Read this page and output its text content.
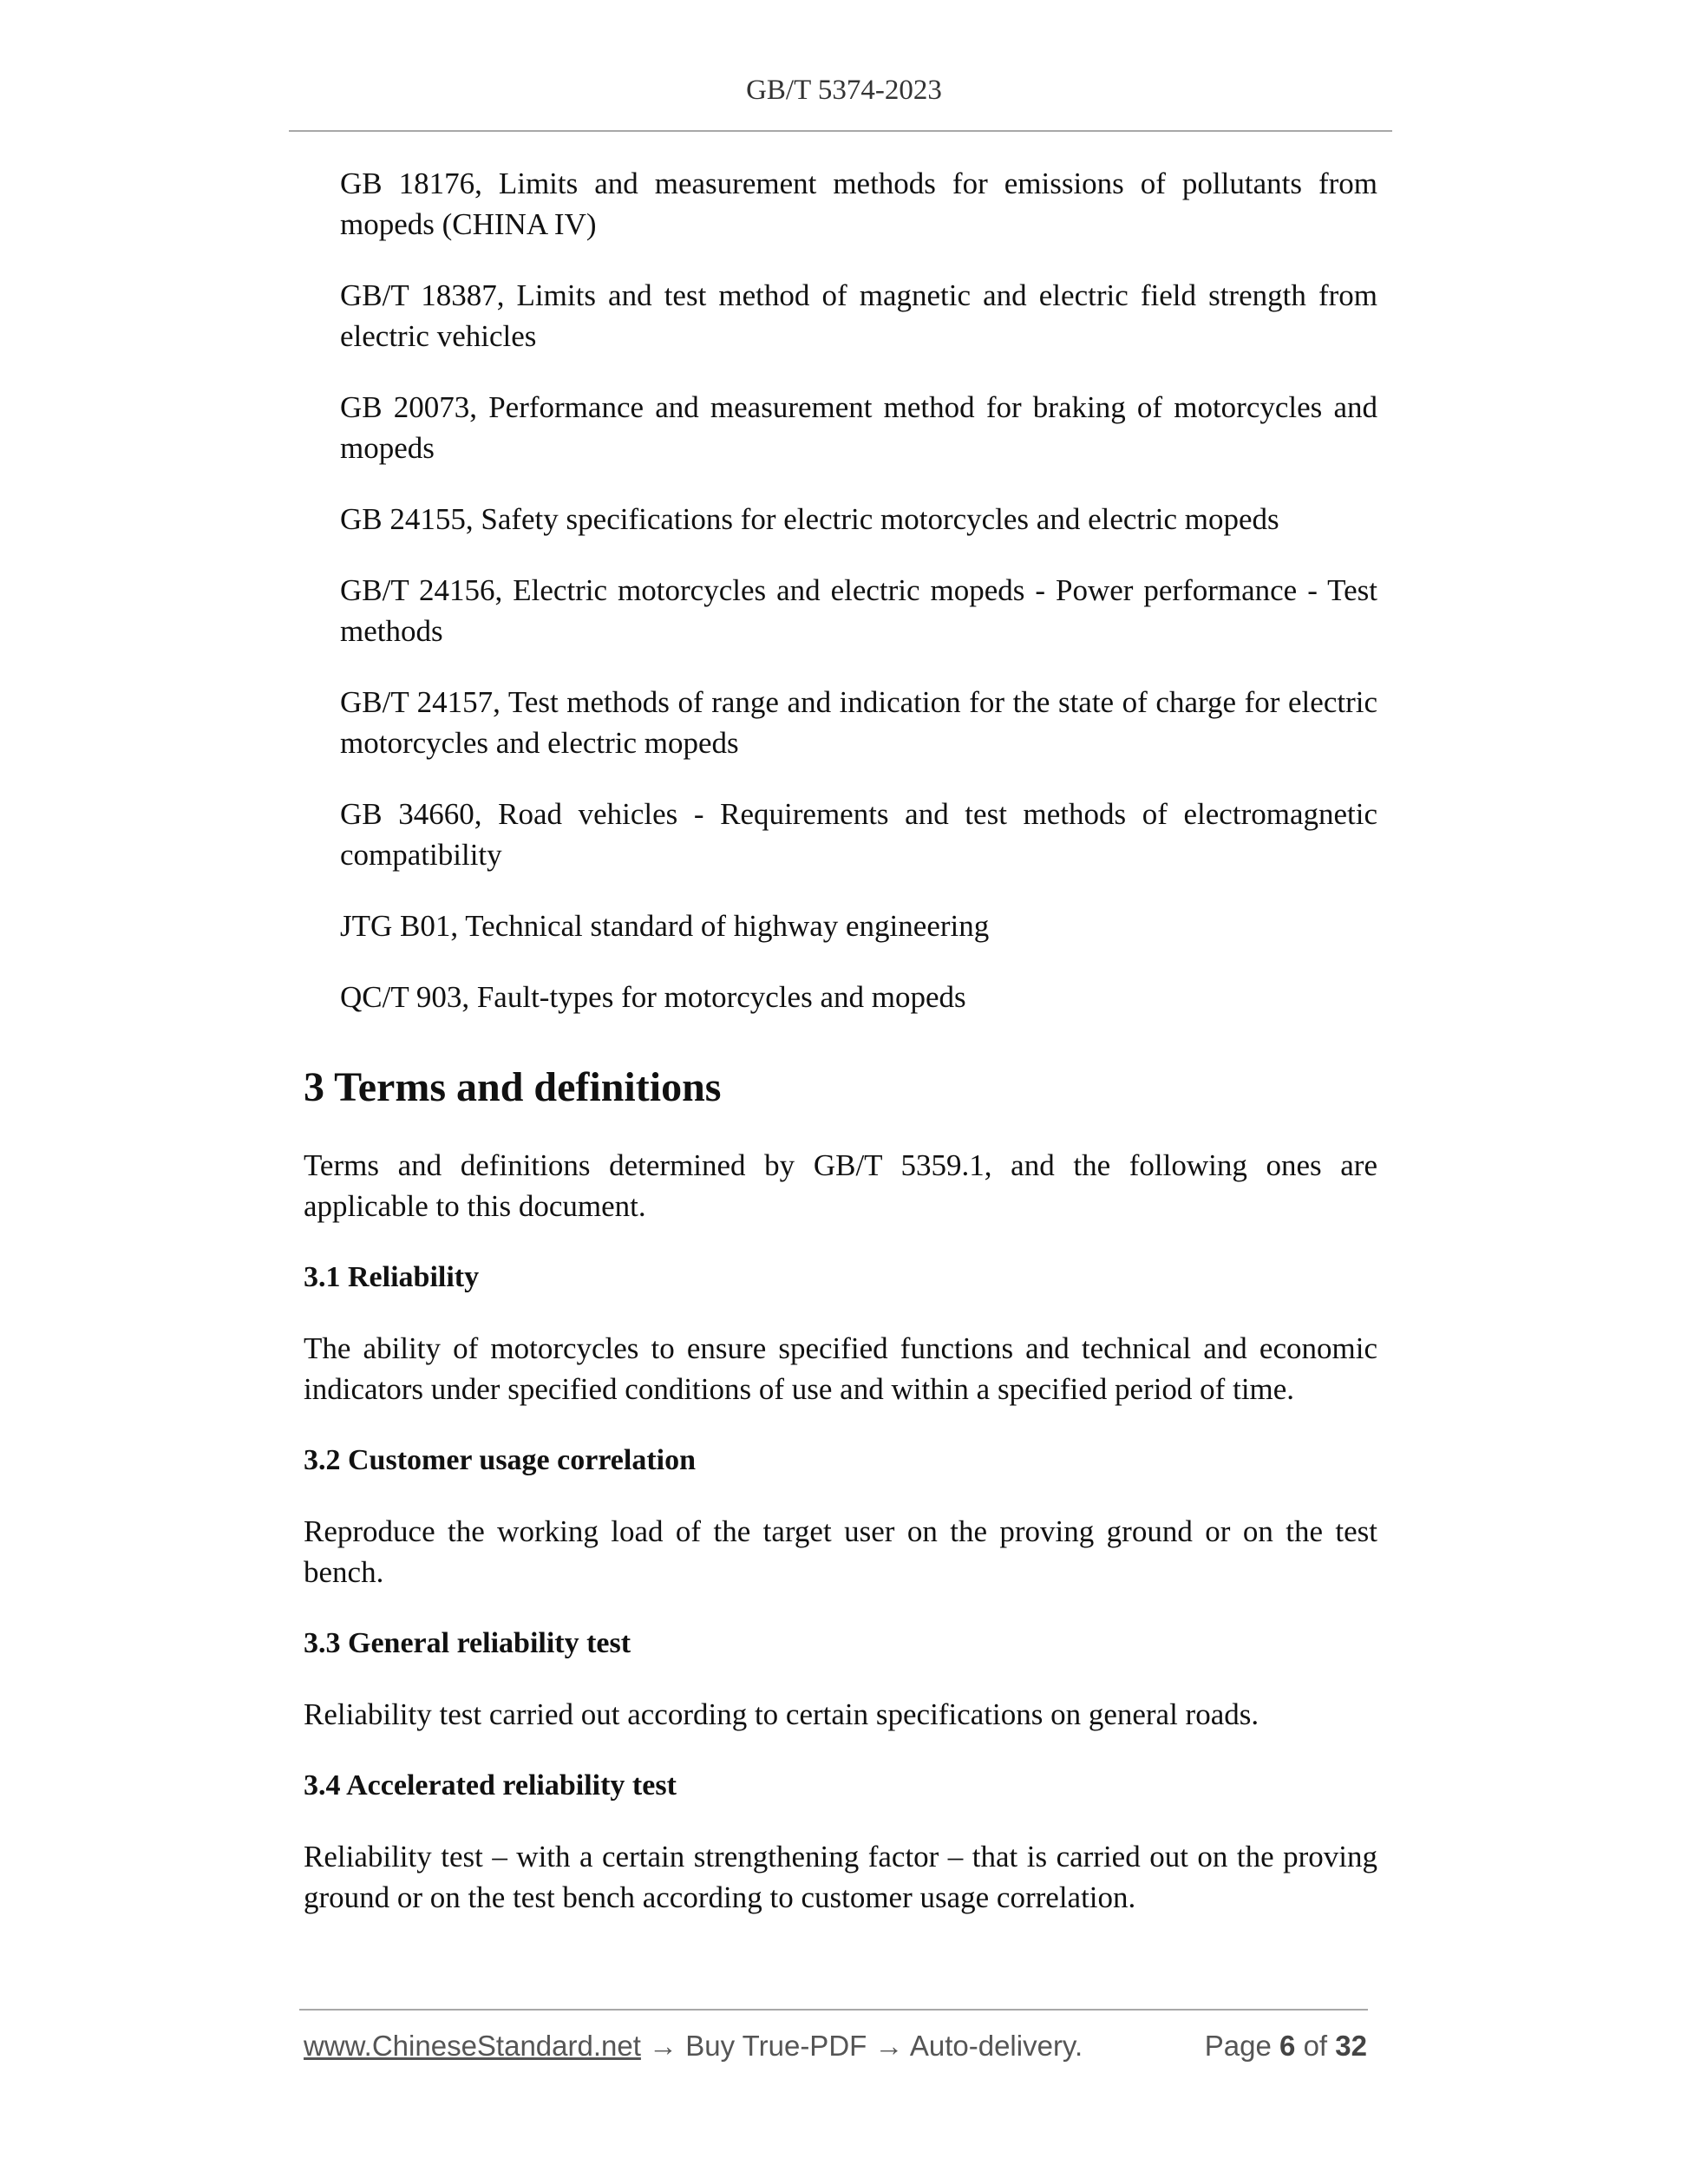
GB/T 5374-2023

GB 18176, Limits and measurement methods for emissions of pollutants from mopeds (CHINA IV)

GB/T 18387, Limits and test method of magnetic and electric field strength from electric vehicles

GB 20073, Performance and measurement method for braking of motorcycles and mopeds

GB 24155, Safety specifications for electric motorcycles and electric mopeds

GB/T 24156, Electric motorcycles and electric mopeds - Power performance - Test methods

GB/T 24157, Test methods of range and indication for the state of charge for electric motorcycles and electric mopeds

GB 34660, Road vehicles - Requirements and test methods of electromagnetic compatibility

JTG B01, Technical standard of highway engineering

QC/T 903, Fault-types for motorcycles and mopeds

3 Terms and definitions

Terms and definitions determined by GB/T 5359.1, and the following ones are applicable to this document.

3.1 Reliability

The ability of motorcycles to ensure specified functions and technical and economic indicators under specified conditions of use and within a specified period of time.

3.2 Customer usage correlation

Reproduce the working load of the target user on the proving ground or on the test bench.

3.3 General reliability test

Reliability test carried out according to certain specifications on general roads.

3.4 Accelerated reliability test

Reliability test – with a certain strengthening factor – that is carried out on the proving ground or on the test bench according to customer usage correlation.

www.ChineseStandard.net → Buy True-PDF → Auto-delivery.	Page 6 of 32
